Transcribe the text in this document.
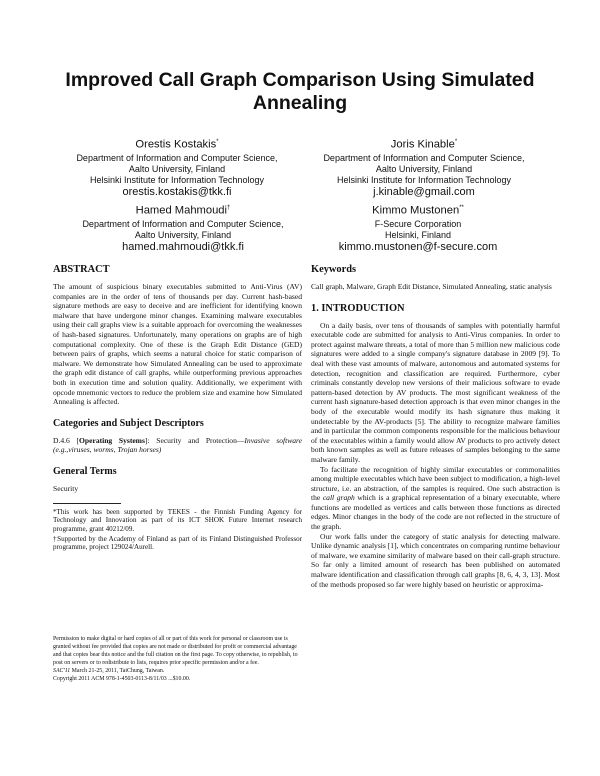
Improved Call Graph Comparison Using Simulated
Annealing
Orestis Kostakis*
Department of Information and Computer Science,
Aalto University, Finland
Helsinki Institute for Information Technology
orestis.kostakis@tkk.fi
Joris Kinable*
Department of Information and Computer Science,
Aalto University, Finland
Helsinki Institute for Information Technology
j.kinable@gmail.com
Hamed Mahmoudi†
Department of Information and Computer Science,
Aalto University, Finland
hamed.mahmoudi@tkk.fi
Kimmo Mustonen**
F-Secure Corporation
Helsinki, Finland
kimmo.mustonen@f-secure.com
ABSTRACT

The amount of suspicious binary executables submitted to Anti-Virus (AV) companies are in the order of tens of thousands per day. Current hash-based signature methods are easy to deceive and are inefficient for identifying known malware that have undergone minor changes. Examining malware executables using their call graphs view is a suitable approach for overcoming the weaknesses of hash-based signatures. Unfortunately, many operations on graphs are of high computational complexity. One of these is the Graph Edit Distance (GED) between pairs of graphs, which seems a natural choice for static comparison of malware. We demonstrate how Simulated Annealing can be used to approximate the graph edit distance of call graphs, while outperforming previous approaches both in execution time and solution quality. Additionally, we experiment with opcode mnemonic vectors to reduce the problem size and examine how Simulated Annealing is affected.

Categories and Subject Descriptors

D.4.6 [Operating Systems]: Security and Protection—Invasive software (e.g.,viruses, worms, Trojan horses)

General Terms

Security

*This work has been supported by TEKES - the Finnish Funding Agency for Technology and Innovation as part of its ICT SHOK Future Internet research programme, grant 40212/09.

†Supported by the Academy of Finland as part of its Finland Distinguished Professor programme, project 129024/Aurell.

Permission to make digital or hard copies of all or part of this work for personal or classroom use is granted without fee provided that copies are not made or distributed for profit or commercial advantage and that copies bear this notice and the full citation on the first page. To copy otherwise, to republish, to post on servers or to redistribute to lists, requires prior specific permission and/or a fee.

SAC'11 March 21-25, 2011, TaiChung, Taiwan.

Copyright 2011 ACM 978-1-4503-0113-8/11/03 ...$10.00.

Keywords

Call graph, Malware, Graph Edit Distance, Simulated Annealing, static analysis

1. INTRODUCTION

On a daily basis, over tens of thousands of samples with potentially harmful executable code are submitted for analysis to Anti-Virus companies. In order to protect against malware threats, a total of more than 5 million new malicious code signatures were added to a single company's signature database in 2009 [9]. To deal with these vast amounts of malware, autonomous and automated systems for detection, recognition and classification are required. Furthermore, cyber criminals constantly develop new versions of their malicious software to evade pattern-based detection by AV products. The most significant weakness of the current hash signature-based detection approach is that even minor changes in the body of the executable would modify its hash signature thus making it undetectable by the AV-products [5]. The ability to recognize malware families and in particular the common components responsible for the malicious behaviour of the executables within a family would allow AV products to pro actively detect both known samples as well as future releases of samples belonging to the same malware family.

To facilitate the recognition of highly similar executables or commonalities among multiple executables which have been subject to modification, a high-level structure, i.e. an abstraction, of the samples is required. One such abstraction is the call graph which is a graphical representation of a binary executable, where functions are modelled as vertices and calls between those functions as directed edges. Minor changes in the body of the code are not reflected in the structure of the graph.

Our work falls under the category of static analysis for detecting malware. Unlike dynamic analysis [1], which concentrates on comparing runtime behaviour of malware, we examine similarity of malware based on their call-graph structure. So far only a limited amount of research has been published on automated malware identification and classification through call graphs [8, 6, 4, 3, 13]. Most of the methods proposed so far were highly based on heuristic or approxima-
